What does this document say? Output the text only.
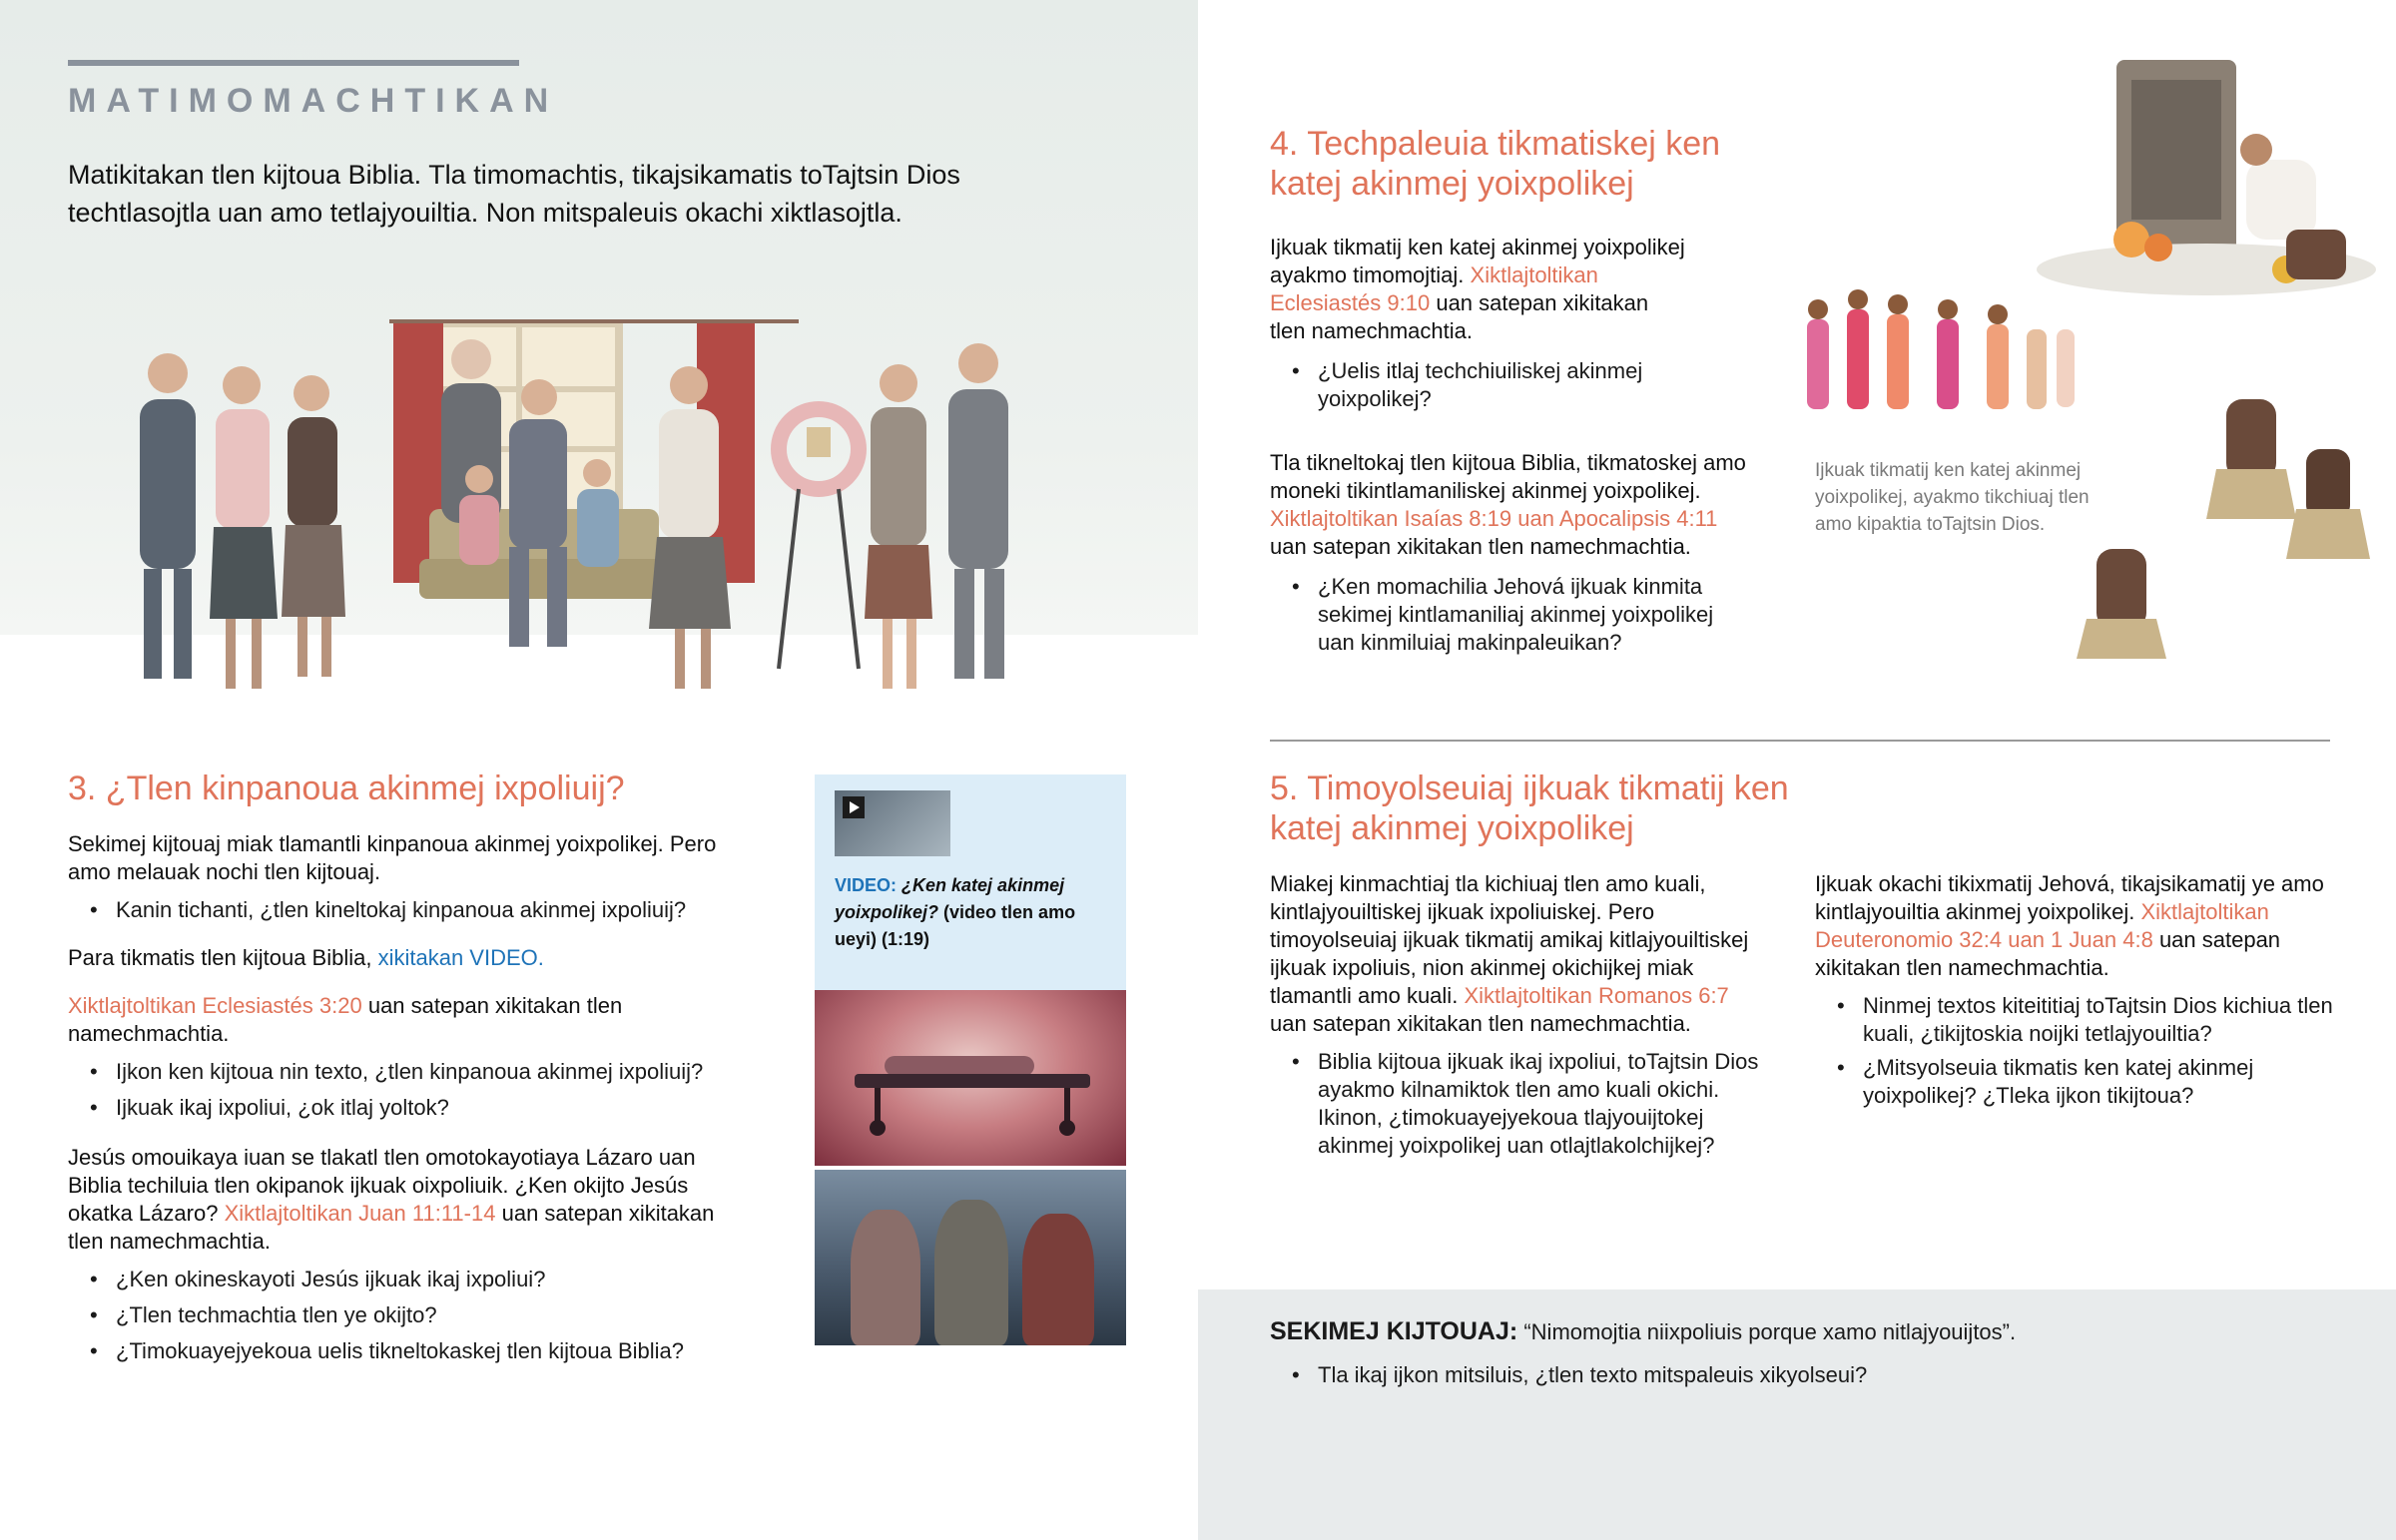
MATIMOMACHTIKAN

Matikitakan tlen kijtoua Biblia. Tla timomachtis, tikajsikamatis toTajtsin Dios techtlasojtla uan amo tetlajyouiltia. Non mitspaleuis okachi xiktlasojtla.

3. ¿Tlen kinpanoua akinmej ixpoliuij?

Sekimej kijtouaj miak tlamantli kinpanoua akinmej yoixpolikej. Pero amo melauak nochi tlen kijtouaj.

• Kanin tichanti, ¿tlen kineltokaj kinpanoua akinmej ixpoliuij?

Para tikmatis tlen kijtoua Biblia, xikitakan VIDEO.

Xiktlajtoltikan Eclesiastés 3:20 uan satepan xikitakan tlen namechmachtia.

• Ijkon ken kijtoua nin texto, ¿tlen kinpanoua akinmej ixpoliuij?
• Ijkuak ikaj ixpoliui, ¿ok itlaj yoltok?

Jesús omouikaya iuan se tlakatl tlen omotokayotiaya Lázaro uan Biblia techiluia tlen okipanok ijkuak oixpoliuik. ¿Ken okijto Jesús okatka Lázaro? Xiktlajtoltikan Juan 11:11-14 uan satepan xikitakan tlen namechmachtia.

• ¿Ken okineskayoti Jesús ijkuak ikaj ixpoliui?
• ¿Tlen techmachtia tlen ye okijto?
• ¿Timokuayejyekoua uelis tikneltokaskej tlen kijtoua Biblia?
VIDEO: ¿Ken katej akinmej yoixpolikej? (video tlen amo ueyi) (1:19)
4. Techpaleuia tikmatiskej ken katej akinmej yoixpolikej

Ijkuak tikmatij ken katej akinmej yoixpolikej ayakmo timomojtiaj. Xiktlajtoltikan Eclesiastés 9:10 uan satepan xikitakan tlen namechmachtia.

• ¿Uelis itlaj techchiuiliskej akinmej yoixpolikej?

Tla tikneltokaj tlen kijtoua Biblia, tikmatoskej amo moneki tikintlamaniliskej akinmej yoixpolikej. Xiktlajtoltikan Isaías 8:19 uan Apocalipsis 4:11 uan satepan xikitakan tlen namechmachtia.

• ¿Ken momachilia Jehová ijkuak kinmita sekimej kintlamaniliaj akinmej yoixpolikej uan kinmiluiaj makinpaleuikan?

Ijkuak tikmatij ken katej akinmej yoixpolikej, ayakmo tikchiuaj tlen amo kipaktia toTajtsin Dios.

5. Timoyolseuiaj ijkuak tikmatij ken katej akinmej yoixpolikej

Miakej kinmachtiaj tla kichiuaj tlen amo kuali, kintlajyouiltiskej ijkuak ixpoliuiskej. Pero timoyolseuiaj ijkuak tikmatij amikaj kitlajyouiltiskej ijkuak ixpoliuis, nion akinmej okichijkej miak tlamantli amo kuali. Xiktlajtoltikan Romanos 6:7 uan satepan xikitakan tlen namechmachtia.

• Biblia kijtoua ijkuak ikaj ixpoliui, toTajtsin Dios ayakmo kilnamiktok tlen amo kuali okichi. Ikinon, ¿timokuayejyekoua tlajyouijtokej akinmej yoixpolikej uan otlajtlakolchijkej?

Ijkuak okachi tikixmatij Jehová, tikajsikamatij ye amo kintlajyouiltia akinmej yoixpolikej. Xiktlajtoltikan Deuteronomio 32:4 uan 1 Juan 4:8 uan satepan xikitakan tlen namechmachtia.

• Ninmej textos kiteititiaj toTajtsin Dios kichiua tlen kuali, ¿tikijtoskia noijki tetlajyouiltia?
• ¿Mitsyolseuia tikmatis ken katej akinmej yoixpolikej? ¿Tleka ijkon tikijtoua?

SEKIMEJ KIJTOUAJ: “Nimomojtia niixpoliuis porque xamo nitlajyouijtos”.

• Tla ikaj ijkon mitsiluis, ¿tlen texto mitspaleuis xikyolseui?
